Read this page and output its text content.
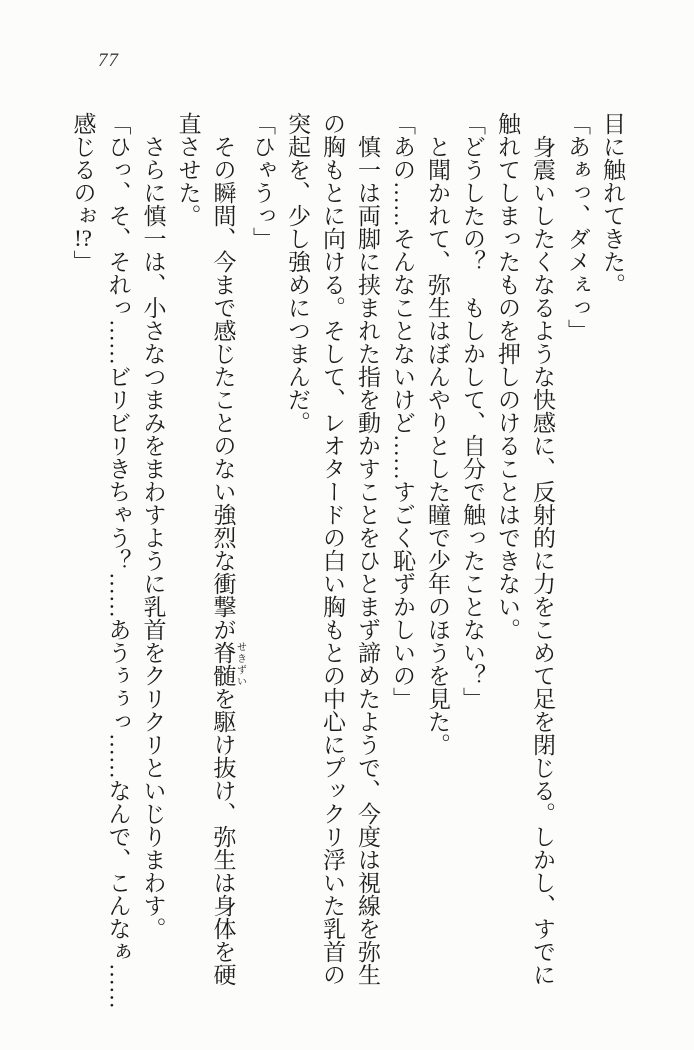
77
目に触れてきた。
「あぁっ、ダメぇっ」
身震いしたくなるような快感に、反射的に力をこめて足を閉じる。しかし、すでに
触れてしまったものを押しのけることはできない。
「どうしたの？　もしかして、自分で触ったことない？」
と聞かれて、弥生はぼんやりとした瞳で少年のほうを見た。
「あの……そんなことないけど……すごく恥ずかしいの」
慎一は両脚に挟まれた指を動かすことをひとまず諦めたようで、今度は視線を弥生
の胸もとに向ける。そして、レオタードの白い胸もとの中心にプックリ浮いた乳首の
突起を、少し強めにつまんだ。
「ひゃうっ」
その瞬間、今まで感じたことのない強烈な衝撃が脊髄 せきずいを駆け抜け、弥生は身体を硬
直させた。
さらに慎一は、小さなつまみをまわすように乳首をクリクリといじりまわす。
「ひっ、そ、それっ……ビリビリきちゃう？……あうぅぅっ……なんで、こんなぁ……
感じるのぉ!?」
